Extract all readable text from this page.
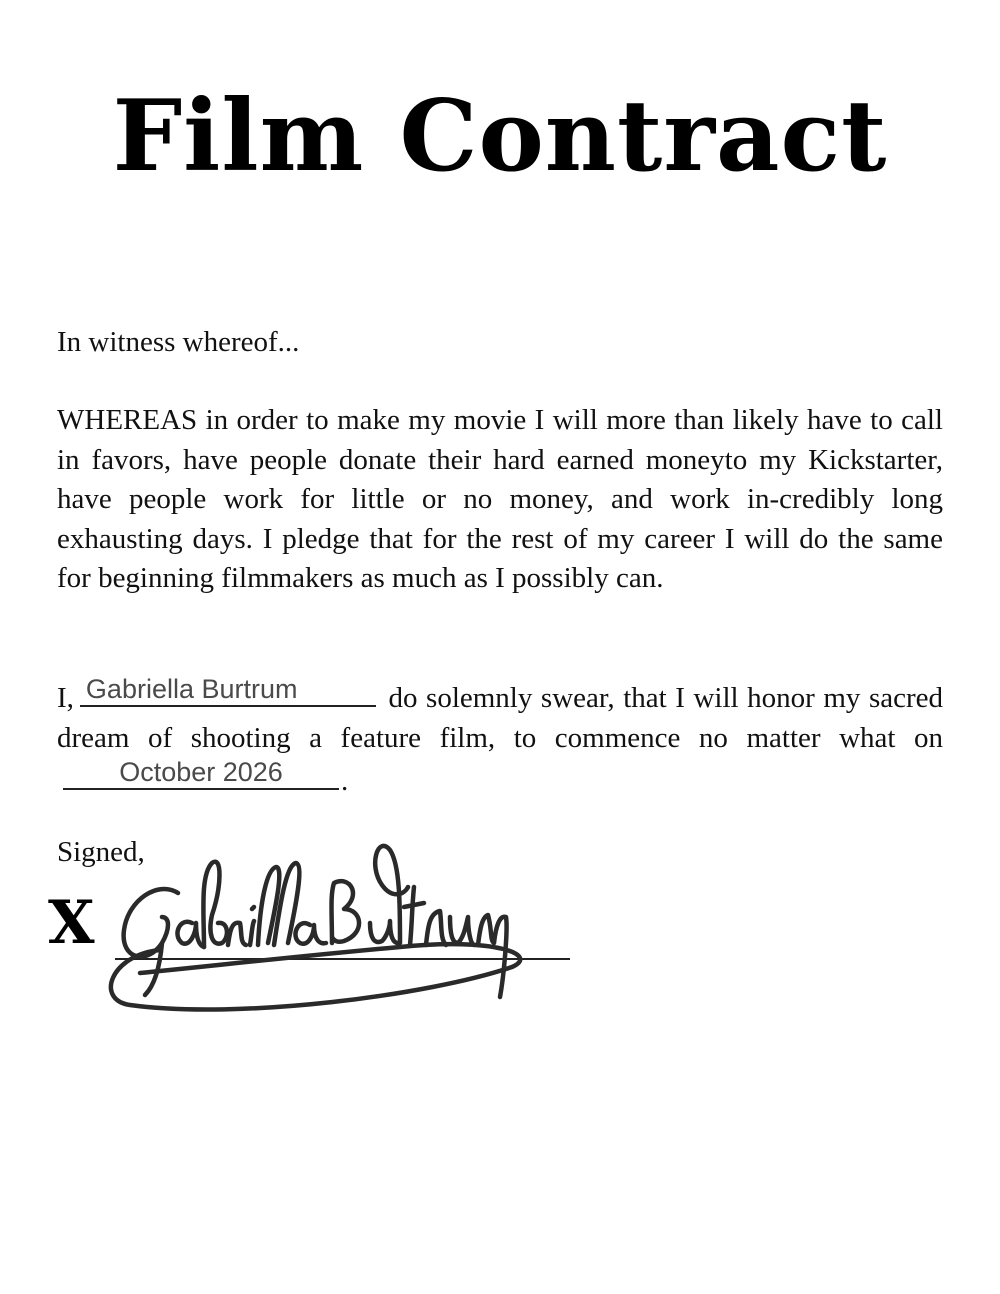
Film Contract
In witness whereof...
WHEREAS in order to make my movie I will more than likely have to call in favors, have people donate their hard earned moneyto my Kickstarter, have people work for little or no money, and work in-credibly long exhausting days. I pledge that for the rest of my career I will do the same for beginning filmmakers as much as I possibly can.
I, Gabriella Burtrum	do solemnly swear, that I will honor my sacred dream of shooting a feature film, to commence no matter what on
October 2026	.
Signed,
X
